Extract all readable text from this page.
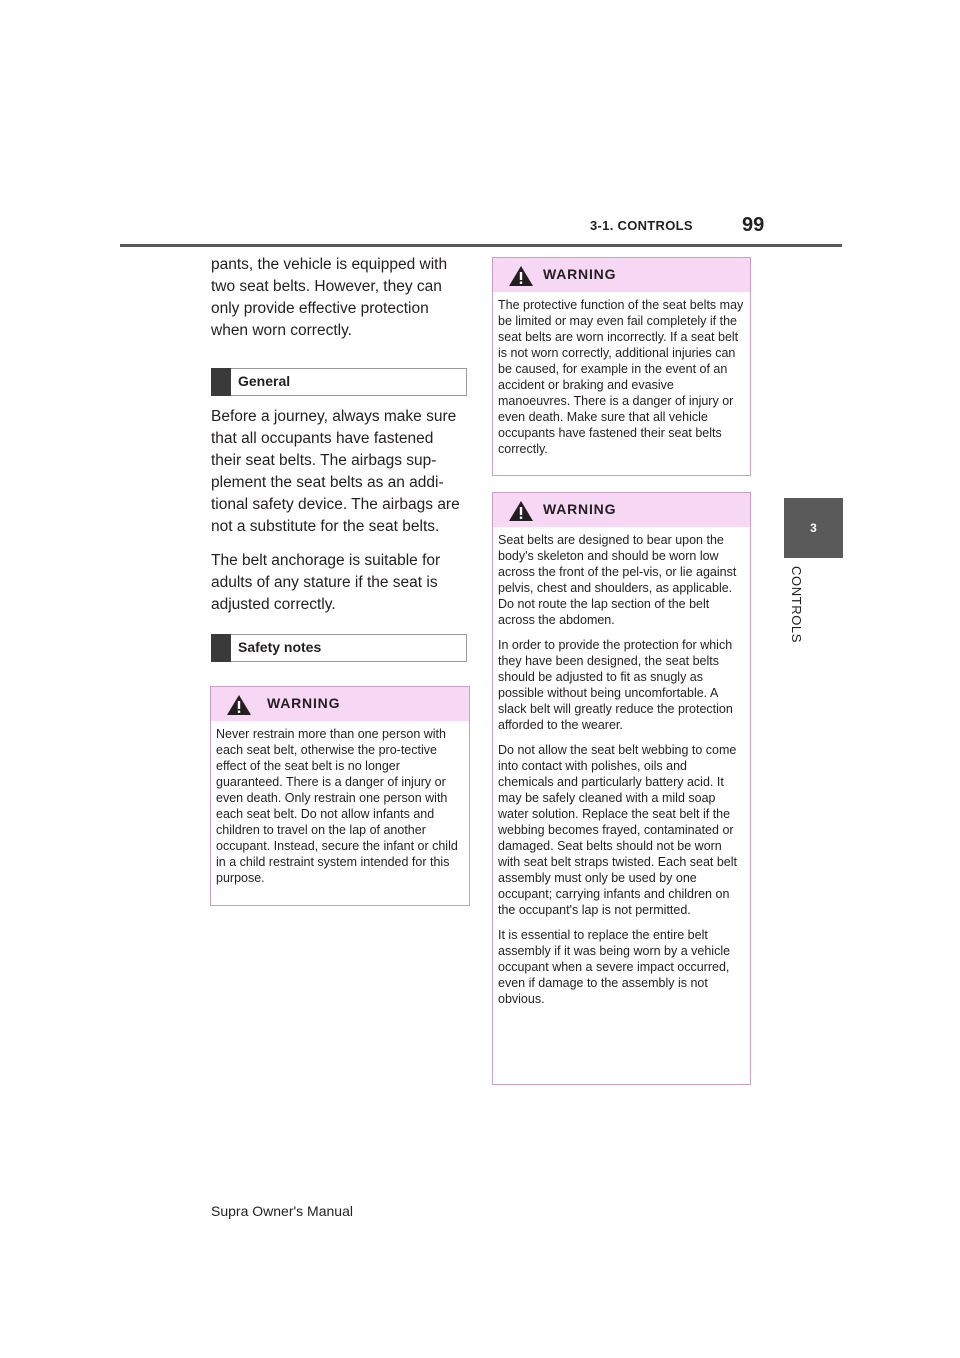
3-1. CONTROLS 99
3
CONTROLS

pants, the vehicle is equipped with two seat belts. However, they can only provide effective protection when worn correctly.

General

Before a journey, always make sure that all occupants have fastened their seat belts. The airbags sup-plement the seat belts as an addi-tional safety device. The airbags are not a substitute for the seat belts.

The belt anchorage is suitable for adults of any stature if the seat is adjusted correctly.

Safety notes
WARNING

Never restrain more than one person with each seat belt, otherwise the pro-tective effect of the seat belt is no longer guaranteed. There is a danger of injury or even death. Only restrain one person with each seat belt. Do not allow infants and children to travel on the lap of another occupant. Instead, secure the infant or child in a child restraint system intended for this purpose.

WARNING

The protective function of the seat belts may be limited or may even fail completely if the seat belts are worn incorrectly. If a seat belt is not worn correctly, additional injuries can be caused, for example in the event of an accident or braking and evasive manoeuvres. There is a danger of injury or even death. Make sure that all vehicle occupants have fastened their seat belts correctly.

WARNING

Seat belts are designed to bear upon the body's skeleton and should be worn low across the front of the pel-vis, or lie against pelvis, chest and shoulders, as applicable. Do not route the lap section of the belt across the abdomen.

In order to provide the protection for which they have been designed, the seat belts should be adjusted to fit as snugly as possible without being uncomfortable. A slack belt will greatly reduce the protection afforded to the wearer.

Do not allow the seat belt webbing to come into contact with polishes, oils and chemicals and particularly battery acid. It may be safely cleaned with a mild soap water solution. Replace the seat belt if the webbing becomes frayed, contaminated or damaged. Seat belts should not be worn with seat belt straps twisted. Each seat belt assembly must only be used by one occupant; carrying infants and children on the occupant's lap is not permitted.

It is essential to replace the entire belt assembly if it was being worn by a vehicle occupant when a severe impact occurred, even if damage to the assembly is not obvious.

Supra Owner's Manual
